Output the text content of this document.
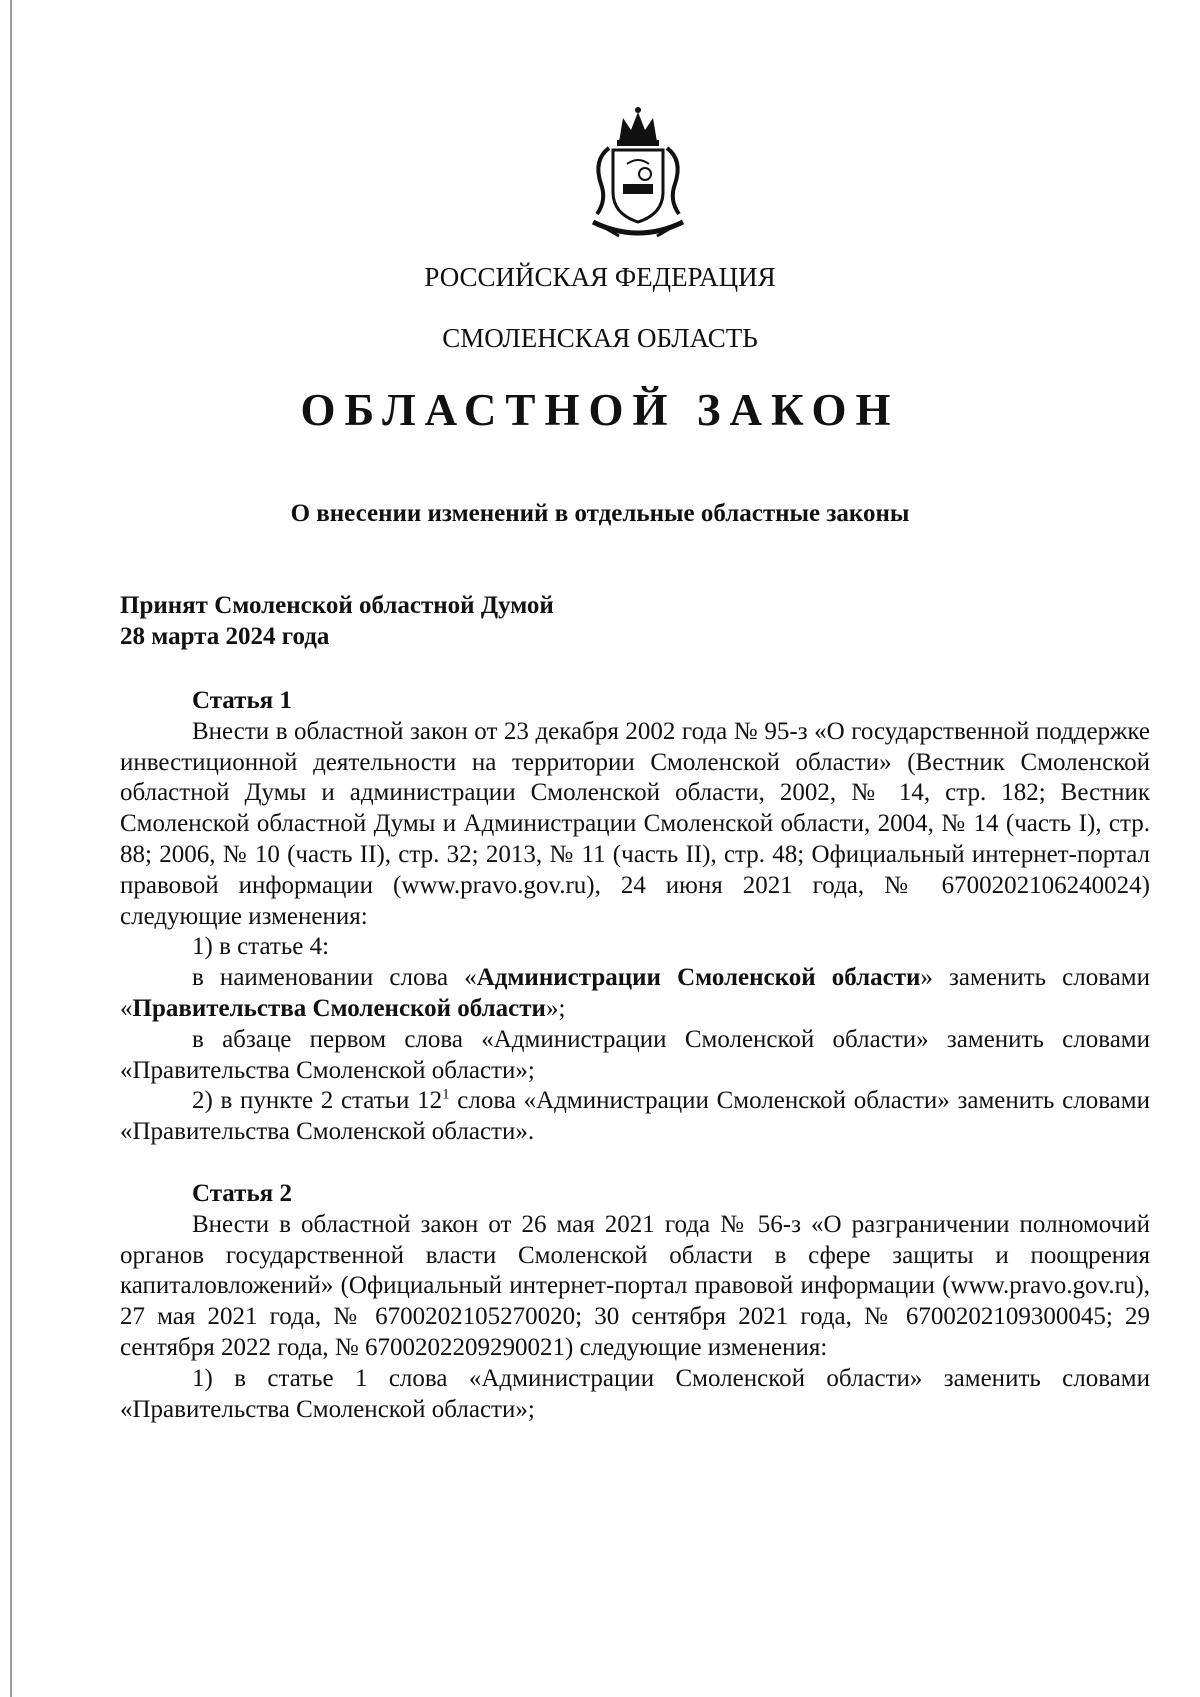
РОССИЙСКАЯ ФЕДЕРАЦИЯ
СМОЛЕНСКАЯ ОБЛАСТЬ
ОБЛАСТНОЙ ЗАКОН
О внесении изменений в отдельные областные законы
Принят Смоленской областной Думой
28 марта 2024 года

Статья 1

Внести в областной закон от 23 декабря 2002 года № 95-з «О государственной поддержке инвестиционной деятельности на территории Смоленской области» (Вестник Смоленской областной Думы и администрации Смоленской области, 2002, № 14, стр. 182; Вестник Смоленской областной Думы и Администрации Смоленской области, 2004, № 14 (часть I), стр. 88; 2006, № 10 (часть II), стр. 32; 2013, № 11 (часть II), стр. 48; Официальный интернет-портал правовой информации (www.pravo.gov.ru), 24 июня 2021 года, № 6700202106240024) следующие изменения:

1) в статье 4:

в наименовании слова «Администрации Смоленской области» заменить словами «Правительства Смоленской области»;

в абзаце первом слова «Администрации Смоленской области» заменить словами «Правительства Смоленской области»;

2) в пункте 2 статьи $12^1$ слова «Администрации Смоленской области» заменить словами «Правительства Смоленской области».

Статья 2

Внести в областной закон от 26 мая 2021 года № 56-з «О разграничении полномочий органов государственной власти Смоленской области в сфере защиты и поощрения капиталовложений» (Официальный интернет-портал правовой информации (www.pravo.gov.ru), 27 мая 2021 года, № 6700202105270020; 30 сентября 2021 года, № 6700202109300045; 29 сентября 2022 года, № 6700202209290021) следующие изменения:

1) в статье 1 слова «Администрации Смоленской области» заменить словами «Правительства Смоленской области»;
